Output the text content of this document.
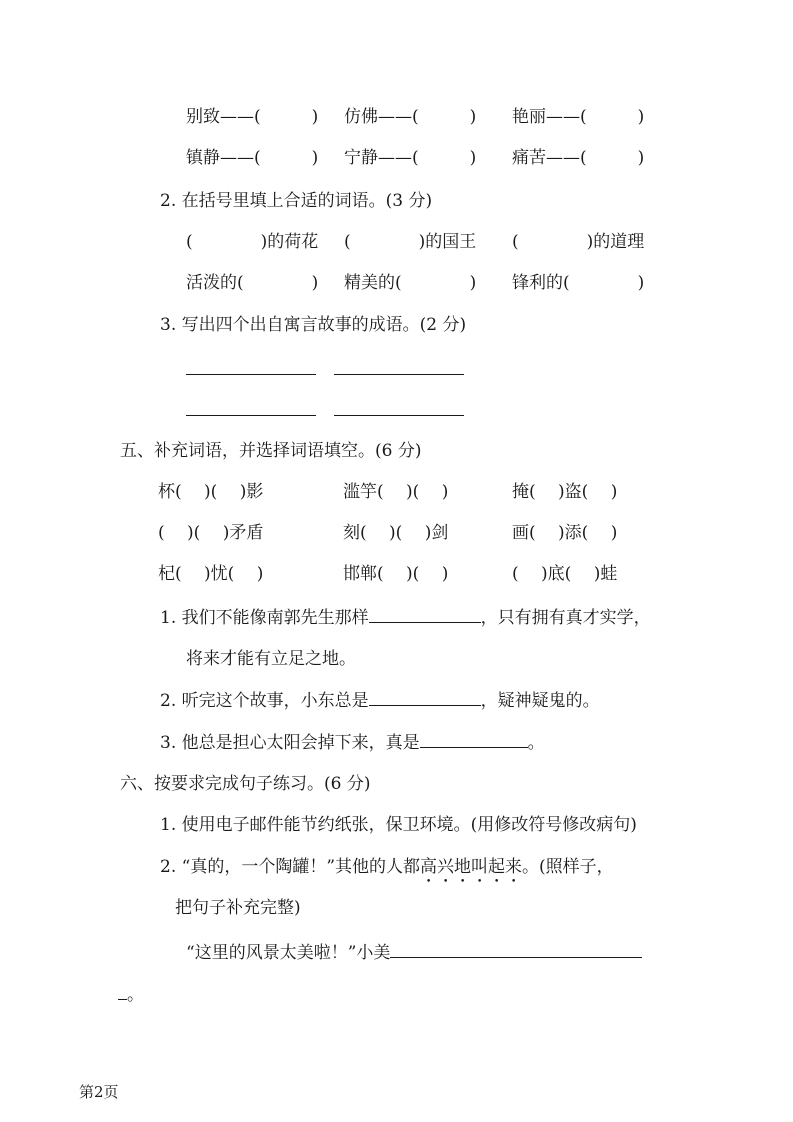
别致——(　　　) 仿佛——(　　　) 艳丽——(　　　)
镇静——(　　　) 宁静——(　　　) 痛苦——(　　　)
2. 在括号里填上合适的词语。(3 分)
(　　　　)的荷花 (　　　　)的国王 (　　　　)的道理
活泼的(　　　　) 精美的(　　　　) 锋利的(　　　　)
3. 写出四个出自寓言故事的成语。(2 分)
五、补充词语，并选择词语填空。(6 分)
杯(　 )(　 )影	滥竽(　 )(　 )	掩(　 )盗(　 )
(　 )(　 )矛盾	刻(　 )(　 )剑	画(　 )添(　 )
杞(　 )忧(　 )	邯郸(　 )(　 )	(　 )底(　 )蛙
1. 我们不能像南郭先生那样	，只有拥有真才实学，
将来才能有立足之地。
2. 听完这个故事，小东总是	，疑神疑鬼的。
3. 他总是担心太阳会掉下来，真是	。
六、按要求完成句子练习。(6 分)
1. 使用电子邮件能节约纸张，保卫环境。(用修改符号修改病句)
2. “真的，一个陶罐！”其他的人都高兴地叫起来。(照样子，
把句子补充完整)
“这里的风景太美啦！”小美
。
第2页
